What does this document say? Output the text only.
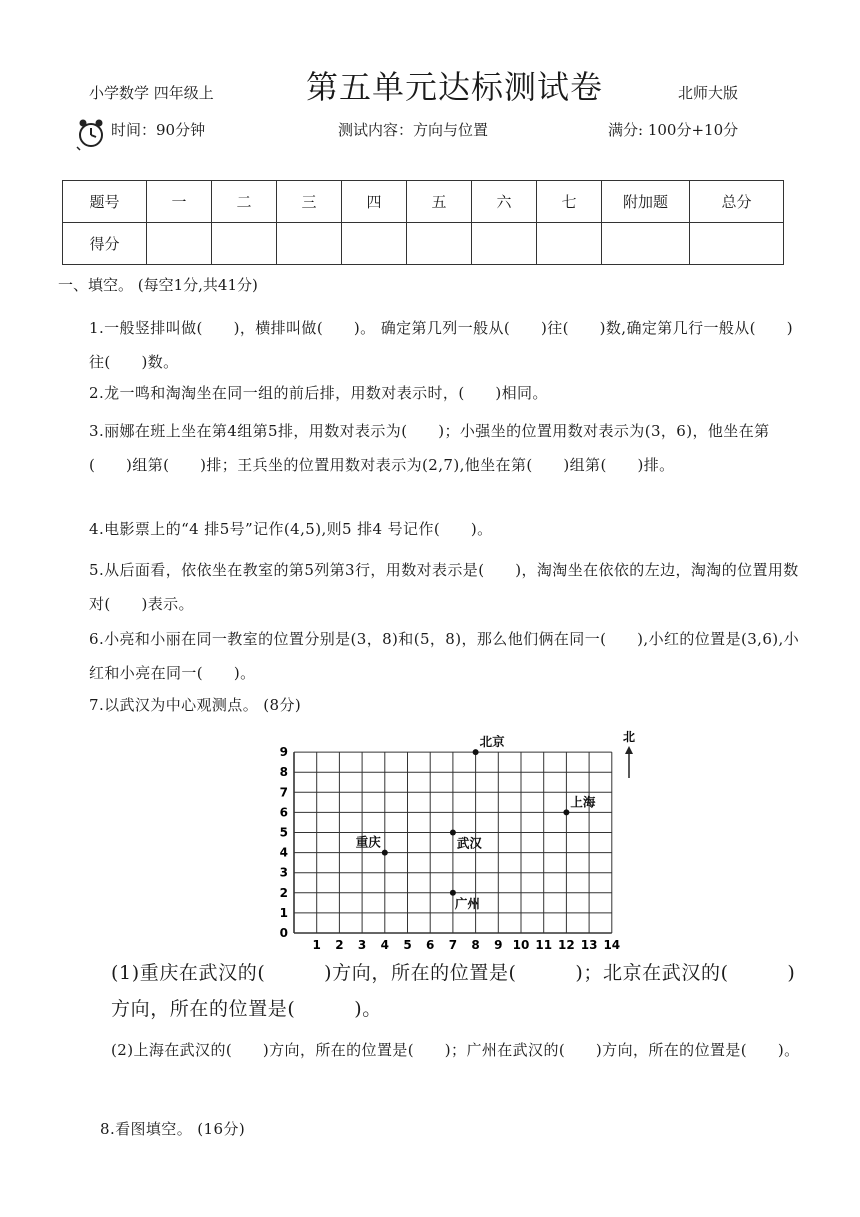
小学数学 四年级上	第五单元达标测试卷	北师大版
时间：90分钟	测试内容：方向与位置	满分: 100分+10分
题号	一	二	三	四	五	六	七	附加题	总分
得分									
一、填空。 (每空1分,共41分)
1.一般竖排叫做(　　)，横排叫做(　　)。 确定第几列一般从(　　)往(　　)数,确定第几行一般从(　　)往(　　)数。
2.龙一鸣和淘淘坐在同一组的前后排，用数对表示时，(　　)相同。
3.丽娜在班上坐在第4组第5排，用数对表示为(　　)；小强坐的位置用数对表示为(3，6)，他坐在第(　　)组第(　　)排；王兵坐的位置用数对表示为(2,7),他坐在第(　　)组第(　　)排。
4.电影票上的“4 排5号”记作(4,5),则5 排4 号记作(　　)。
5.从后面看，依依坐在教室的第5列第3行，用数对表示是(　　)，淘淘坐在依依的左边，淘淘的位置用数对(　　)表示。
6.小亮和小丽在同一教室的位置分别是(3，8)和(5，8)，那么他们俩在同一(　　),小红的位置是(3,6),小红和小亮在同一(　　)。
7.以武汉为中心观测点。 (8分)
1 2 3 4 5 6 7 8 9 10 11 12 13 14
0
1
2
3
4
5
6
7
8
9
北京
上海
武汉
重庆
广州
北
(1)重庆在武汉的(　　　)方向，所在的位置是(　　　)；北京在武汉的(　　　)方向，所在的位置是(　　　)。
(2)上海在武汉的(　　)方向，所在的位置是(　　)；广州在武汉的(　　)方向，所在的位置是(　　)。
8.看图填空。 (16分)
